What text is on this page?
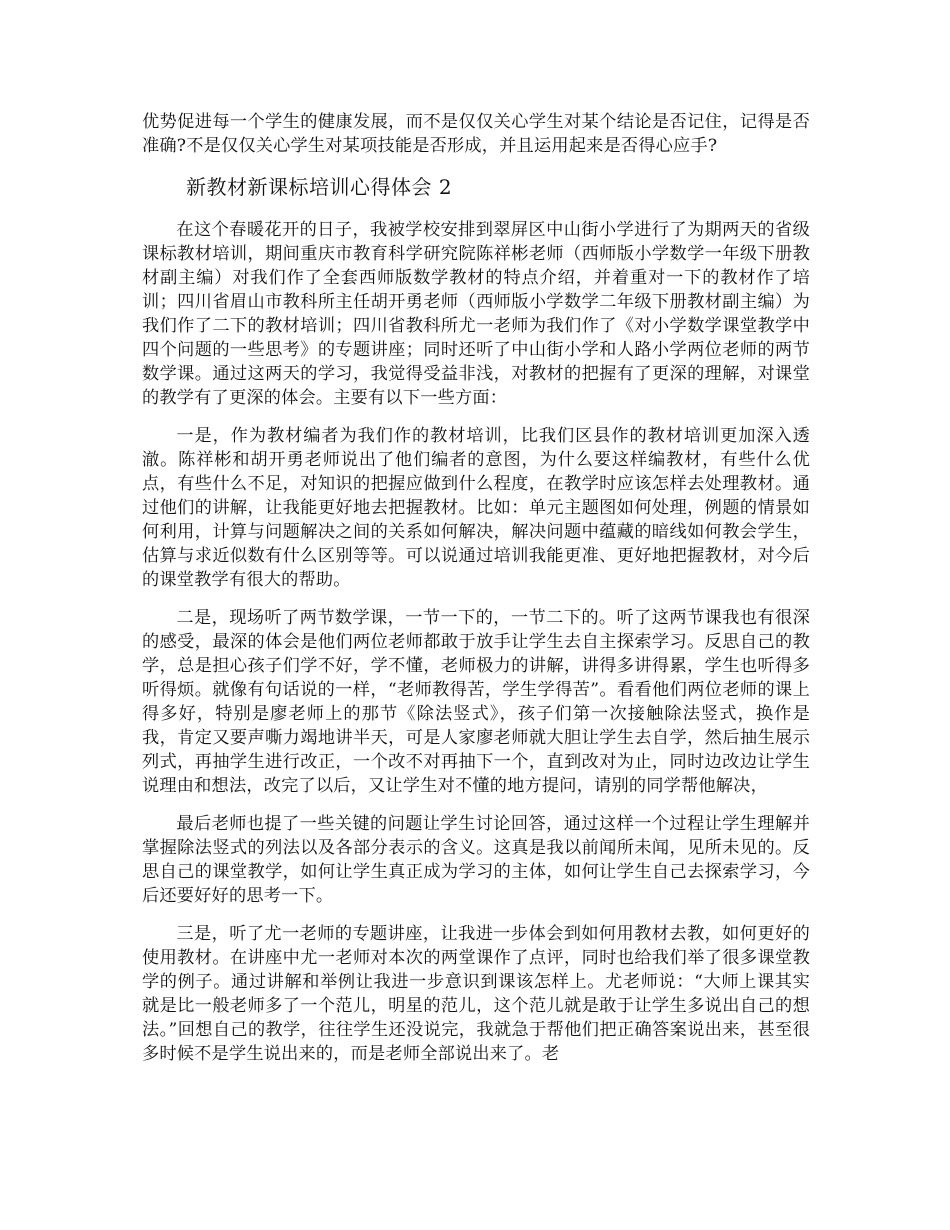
优势促进每一个学生的健康发展，而不是仅仅关心学生对某个结论是否记住，记得是否准确?不是仅仅关心学生对某项技能是否形成，并且运用起来是否得心应手?

新教材新课标培训心得体会 2

在这个春暖花开的日子，我被学校安排到翠屏区中山街小学进行了为期两天的省级课标教材培训，期间重庆市教育科学研究院陈祥彬老师（西师版小学数学一年级下册教材副主编）对我们作了全套西师版数学教材的特点介绍，并着重对一下的教材作了培训；四川省眉山市教科所主任胡开勇老师（西师版小学数学二年级下册教材副主编）为我们作了二下的教材培训；四川省教科所尤一老师为我们作了《对小学数学课堂教学中四个问题的一些思考》的专题讲座；同时还听了中山街小学和人路小学两位老师的两节数学课。通过这两天的学习，我觉得受益非浅，对教材的把握有了更深的理解，对课堂的教学有了更深的体会。主要有以下一些方面：

一是，作为教材编者为我们作的教材培训，比我们区县作的教材培训更加深入透澈。陈祥彬和胡开勇老师说出了他们编者的意图，为什么要这样编教材，有些什么优点，有些什么不足，对知识的把握应做到什么程度，在教学时应该怎样去处理教材。通过他们的讲解，让我能更好地去把握教材。比如：单元主题图如何处理，例题的情景如何利用，计算与问题解决之间的关系如何解决，解决问题中蕴藏的暗线如何教会学生，估算与求近似数有什么区别等等。可以说通过培训我能更准、更好地把握教材，对今后的课堂教学有很大的帮助。

二是，现场听了两节数学课，一节一下的，一节二下的。听了这两节课我也有很深的感受，最深的体会是他们两位老师都敢于放手让学生去自主探索学习。反思自己的教学，总是担心孩子们学不好，学不懂，老师极力的讲解，讲得多讲得累，学生也听得多听得烦。就像有句话说的一样，“老师教得苦，学生学得苦”。看看他们两位老师的课上得多好，特别是廖老师上的那节《除法竖式》，孩子们第一次接触除法竖式，换作是我，肯定又要声嘶力竭地讲半天，可是人家廖老师就大胆让学生去自学，然后抽生展示列式，再抽学生进行改正，一个改不对再抽下一个，直到改对为止，同时边改边让学生说理由和想法，改完了以后，又让学生对不懂的地方提问，请别的同学帮他解决，

最后老师也提了一些关键的问题让学生讨论回答，通过这样一个过程让学生理解并掌握除法竖式的列法以及各部分表示的含义。这真是我以前闻所未闻，见所未见的。反思自己的课堂教学，如何让学生真正成为学习的主体，如何让学生自己去探索学习，今后还要好好的思考一下。

三是，听了尤一老师的专题讲座，让我进一步体会到如何用教材去教，如何更好的使用教材。在讲座中尤一老师对本次的两堂课作了点评，同时也给我们举了很多课堂教学的例子。通过讲解和举例让我进一步意识到课该怎样上。尤老师说：“大师上课其实就是比一般老师多了一个范儿，明星的范儿，这个范儿就是敢于让学生多说出自己的想法。”回想自己的教学，往往学生还没说完，我就急于帮他们把正确答案说出来，甚至很多时候不是学生说出来的，而是老师全部说出来了。老
